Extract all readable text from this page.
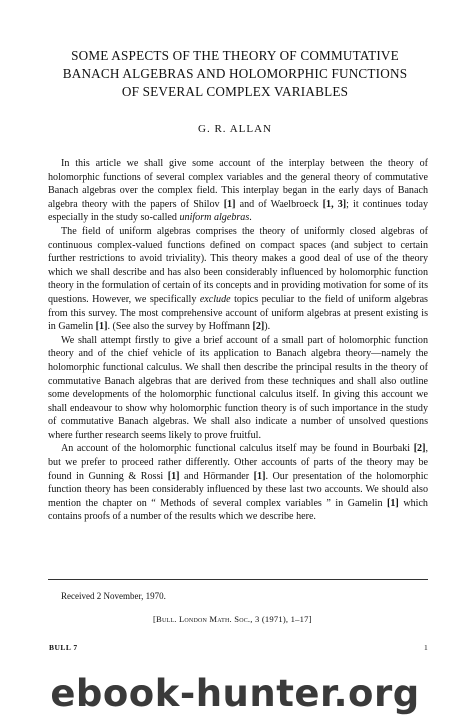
SOME ASPECTS OF THE THEORY OF COMMUTATIVE
BANACH ALGEBRAS AND HOLOMORPHIC FUNCTIONS
OF SEVERAL COMPLEX VARIABLES
G. R. ALLAN

In this article we shall give some account of the interplay between the theory of holomorphic functions of several complex variables and the general theory of commutative Banach algebras over the complex field. This interplay began in the early days of Banach algebra theory with the papers of Shilov [1] and of Waelbroeck [1, 3]; it continues today especially in the study so-called uniform algebras.

The field of uniform algebras comprises the theory of uniformly closed algebras of continuous complex-valued functions defined on compact spaces (and subject to certain further restrictions to avoid triviality). This theory makes a good deal of use of the theory which we shall describe and has also been considerably influenced by holomorphic function theory in the formulation of certain of its concepts and in providing motivation for some of its questions. However, we specifically exclude topics peculiar to the field of uniform algebras from this survey. The most comprehensive account of uniform algebras at present existing is in Gamelin [1]. (See also the survey by Hoffmann [2]).

We shall attempt firstly to give a brief account of a small part of holomorphic function theory and of the chief vehicle of its application to Banach algebra theory—namely the holomorphic functional calculus. We shall then describe the principal results in the theory of commutative Banach algebras that are derived from these techniques and shall also outline some developments of the holomorphic functional calculus itself. In giving this account we shall endeavour to show why holomorphic function theory is of such importance in the study of commutative Banach algebras. We shall also indicate a number of unsolved questions where further research seems likely to prove fruitful.

An account of the holomorphic functional calculus itself may be found in Bourbaki [2], but we prefer to proceed rather differently. Other accounts of parts of the theory may be found in Gunning & Rossi [1] and Hörmander [1]. Our presentation of the holomorphic function theory has been considerably influenced by these last two accounts. We should also mention the chapter on “ Methods of several complex variables ” in Gamelin [1] which contains proofs of a number of the results which we describe here.

Received 2 November, 1970.
[Bull. London Math. Soc., 3 (1971), 1–17]
BULL 7	1
ebook-hunter.org
